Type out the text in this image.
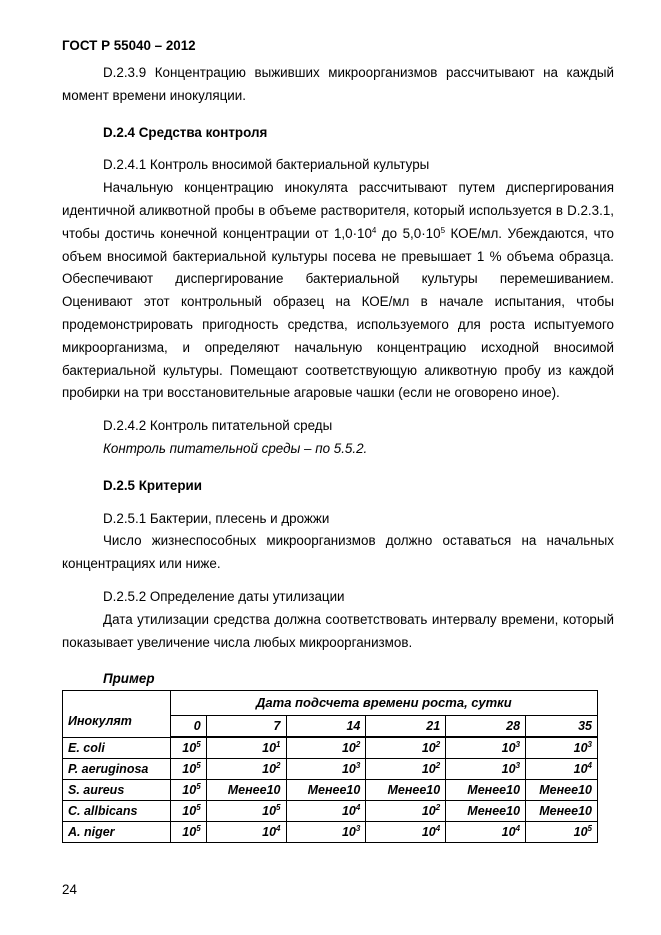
ГОСТ Р 55040 – 2012

D.2.3.9 Концентрацию выживших микроорганизмов рассчитывают на каждый момент времени инокуляции.

D.2.4 Средства контроля

D.2.4.1 Контроль вносимой бактериальной культуры

Начальную концентрацию инокулята рассчитывают путем диспергирования идентичной аликвотной пробы в объеме растворителя, который используется в D.2.3.1, чтобы достичь конечной концентрации от $1,0\cdot 10^4$ до $5,0\cdot 10^5$ КОЕ/мл. Убеждаются, что объем вносимой бактериальной культуры посева не превышает 1 % объема образца. Обеспечивают диспергирование бактериальной культуры перемешиванием. Оценивают этот контрольный образец на КОЕ/мл в начале испытания, чтобы продемонстрировать пригодность средства, используемого для роста испытуемого микроорганизма, и определяют начальную концентрацию исходной вносимой бактериальной культуры. Помещают соответствующую аликвотную пробу из каждой пробирки на три восстановительные агаровые чашки (если не оговорено иное).

D.2.4.2 Контроль питательной среды

Контроль питательной среды – по 5.5.2.

D.2.5 Критерии

D.2.5.1 Бактерии, плесень и дрожжи

Число жизнеспособных микроорганизмов должно оставаться на начальных концентрациях или ниже.

D.2.5.2 Определение даты утилизации

Дата утилизации средства должна соответствовать интервалу времени, который показывает увеличение числа любых микроорганизмов.

Пример

Инокулят	Дата подсчета времени роста, сутки					
	0	7	14	21	28	35
E. coli	$10^5$	$10^1$	$10^2$	$10^2$	$10^3$	$10^3$
P. aeruginosa	$10^5$	$10^2$	$10^3$	$10^2$	$10^3$	$10^4$
S. aureus	$10^5$	Менее10	Менее10	Менее10	Менее10	Менее10
C. allbicans	$10^5$	$10^5$	$10^4$	$10^2$	Менее10	Менее10
A. niger	$10^5$	$10^4$	$10^3$	$10^4$	$10^4$	$10^5$
24
